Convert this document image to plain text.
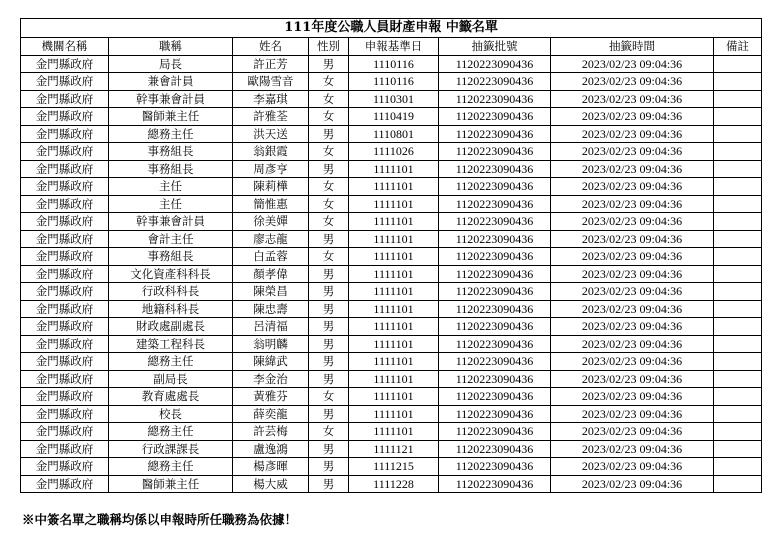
111年度公職人員財產申報 中籤名單							
機關名稱	職稱	姓名	性別	申報基準日	抽籤批號	抽籤時間	備註
金門縣政府	局長	許正芳	男	1110116	1120223090436	2023/02/23 09:04:36	
金門縣政府	兼會計員	歐陽雪音	女	1110116	1120223090436	2023/02/23 09:04:36	
金門縣政府	幹事兼會計員	李嘉琪	女	1110301	1120223090436	2023/02/23 09:04:36	
金門縣政府	醫師兼主任	許雅荃	女	1110419	1120223090436	2023/02/23 09:04:36	
金門縣政府	總務主任	洪天送	男	1110801	1120223090436	2023/02/23 09:04:36	
金門縣政府	事務組長	翁銀霞	女	1111026	1120223090436	2023/02/23 09:04:36	
金門縣政府	事務組長	周彥亨	男	1111101	1120223090436	2023/02/23 09:04:36	
金門縣政府	主任	陳莉樺	女	1111101	1120223090436	2023/02/23 09:04:36	
金門縣政府	主任	簡惟惠	女	1111101	1120223090436	2023/02/23 09:04:36	
金門縣政府	幹事兼會計員	徐美嬋	女	1111101	1120223090436	2023/02/23 09:04:36	
金門縣政府	會計主任	廖志龍	男	1111101	1120223090436	2023/02/23 09:04:36	
金門縣政府	事務組長	白孟蓉	女	1111101	1120223090436	2023/02/23 09:04:36	
金門縣政府	文化資產科科長	顏孝偉	男	1111101	1120223090436	2023/02/23 09:04:36	
金門縣政府	行政科科長	陳榮昌	男	1111101	1120223090436	2023/02/23 09:04:36	
金門縣政府	地籍科科長	陳忠壽	男	1111101	1120223090436	2023/02/23 09:04:36	
金門縣政府	財政處副處長	呂清福	男	1111101	1120223090436	2023/02/23 09:04:36	
金門縣政府	建築工程科長	翁明麟	男	1111101	1120223090436	2023/02/23 09:04:36	
金門縣政府	總務主任	陳緯武	男	1111101	1120223090436	2023/02/23 09:04:36	
金門縣政府	副局長	李金治	男	1111101	1120223090436	2023/02/23 09:04:36	
金門縣政府	教育處處長	黃雅芬	女	1111101	1120223090436	2023/02/23 09:04:36	
金門縣政府	校長	薛奕龍	男	1111101	1120223090436	2023/02/23 09:04:36	
金門縣政府	總務主任	許芸梅	女	1111101	1120223090436	2023/02/23 09:04:36	
金門縣政府	行政課課長	盧逸鴻	男	1111121	1120223090436	2023/02/23 09:04:36	
金門縣政府	總務主任	楊彥暉	男	1111215	1120223090436	2023/02/23 09:04:36	
金門縣政府	醫師兼主任	楊大威	男	1111228	1120223090436	2023/02/23 09:04:36	
※中簽名單之職稱均係以申報時所任職務為依據！
